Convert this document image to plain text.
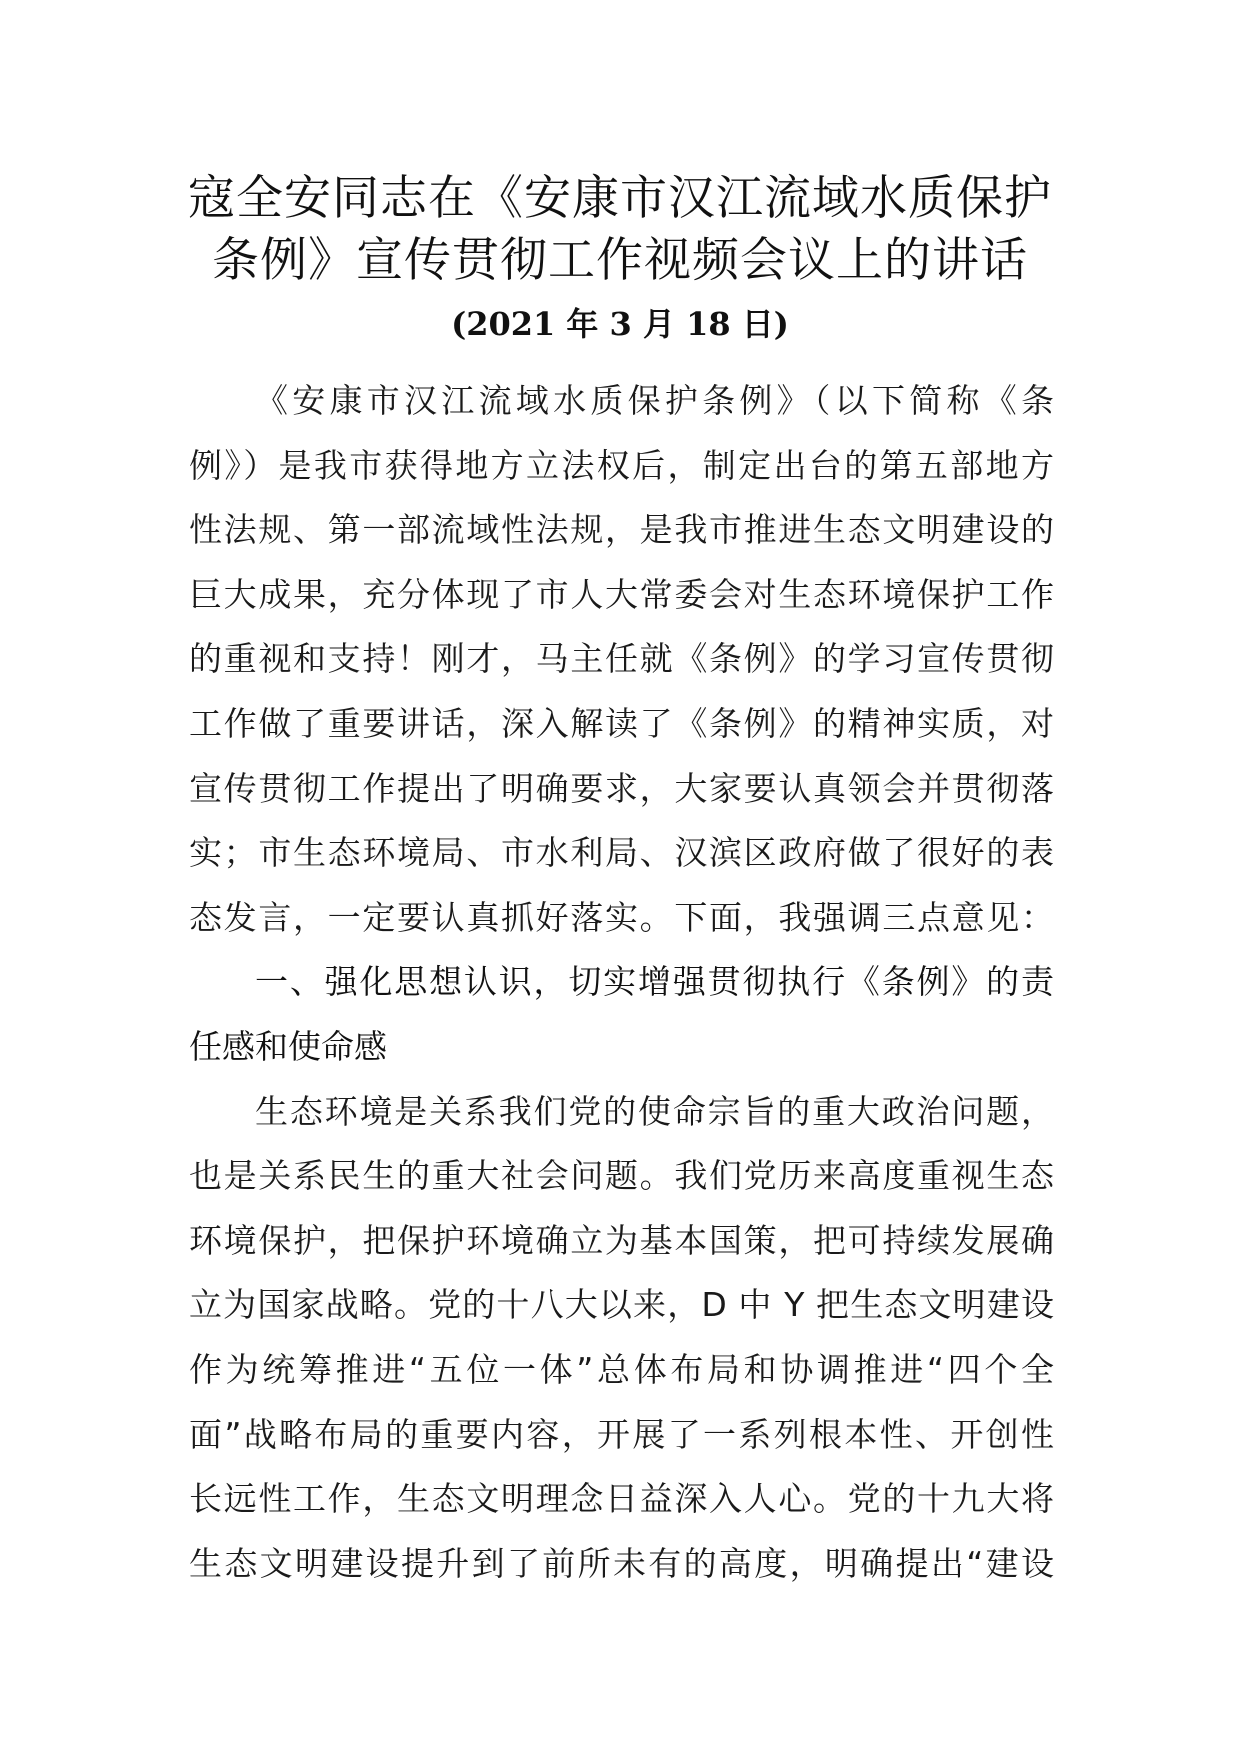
寇全安同志在《安康市汉江流域水质保护
条例》宣传贯彻工作视频会议上的讲话
(2021 年 3 月 18 日)
《安康市汉江流域水质保护条例》（以下简称《条
例》）是我市获得地方立法权后，制定出台的第五部地方
性法规、第一部流域性法规，是我市推进生态文明建设的
巨大成果，充分体现了市人大常委会对生态环境保护工作
的重视和支持！刚才，马主任就《条例》的学习宣传贯彻
工作做了重要讲话，深入解读了《条例》的精神实质，对
宣传贯彻工作提出了明确要求，大家要认真领会并贯彻落
实；市生态环境局、市水利局、汉滨区政府做了很好的表
态发言，一定要认真抓好落实。下面，我强调三点意见：
一、强化思想认识，切实增强贯彻执行《条例》的责
任感和使命感
生态环境是关系我们党的使命宗旨的重大政治问题，
也是关系民生的重大社会问题。我们党历来高度重视生态
环境保护，把保护环境确立为基本国策，把可持续发展确
立为国家战略。党的十八大以来，D 中 Y 把生态文明建设
作为统筹推进“五位一体”总体布局和协调推进“四个全
面”战略布局的重要内容，开展了一系列根本性、开创性
长远性工作，生态文明理念日益深入人心。党的十九大将
生态文明建设提升到了前所未有的高度，明确提出“建设
